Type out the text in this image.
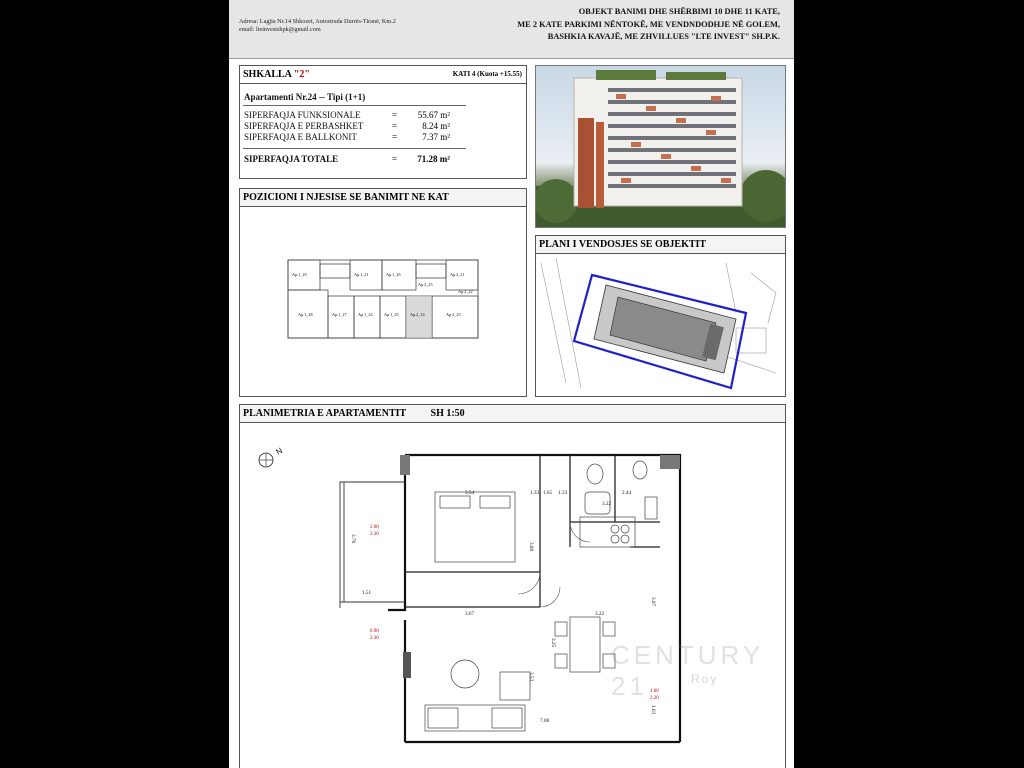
Adresa: Lagjia Nr.14 Shkozet, Autostrada Durrës-Tiranë, Km.2
email: lteinvestshpk@gmail.com
OBJEKT BANIMI DHE SHËRBIMI 10 DHE 11 KATE,
ME 2 KATE PARKIMI NËNTOKË, ME VENDNDODHJE NË GOLEM,
BASHKIA KAVAJË, ME ZHVILLUES "LTE INVEST" SH.P.K.
SHKALLA "2"	KATI 4 (Kuota +15.55)
Apartamenti Nr.24 -- Tipi (1+1)
SIPERFAQJA FUNKSIONALE	=	55.67 m²
SIPERFAQJA E PERBASHKET	=	8.24 m²
SIPERFAQJA E BALLKONIT	=	7.37 m²
SIPERFAQJA TOTALE	=	71.28 m²
POZICIONI I NJESISE SE BANIMIT NE KAT
Ap.1_29	Ap.1_21	Ap.1_26
Ap.2_25
Ap.2_21
Ap.2_22
Ap.1_28	Ap.1_27	Ap.1_24	Ap.1_25	Ap.2_24	Ap.2_23
PLANI I VENDOSJES SE OBJEKTIT
PLANIMETRIA E APARTAMENTIT SH 1:50
N
3.54	1.33 1.65 1.33
3.22
2.44
3.88
3.78
1.51
3.67	3.22
3.53
3.07
7.08
1.63
3.25
2.00
2.30
1.00
2.20
0.90
2.30
CENTURY 21	Roy
